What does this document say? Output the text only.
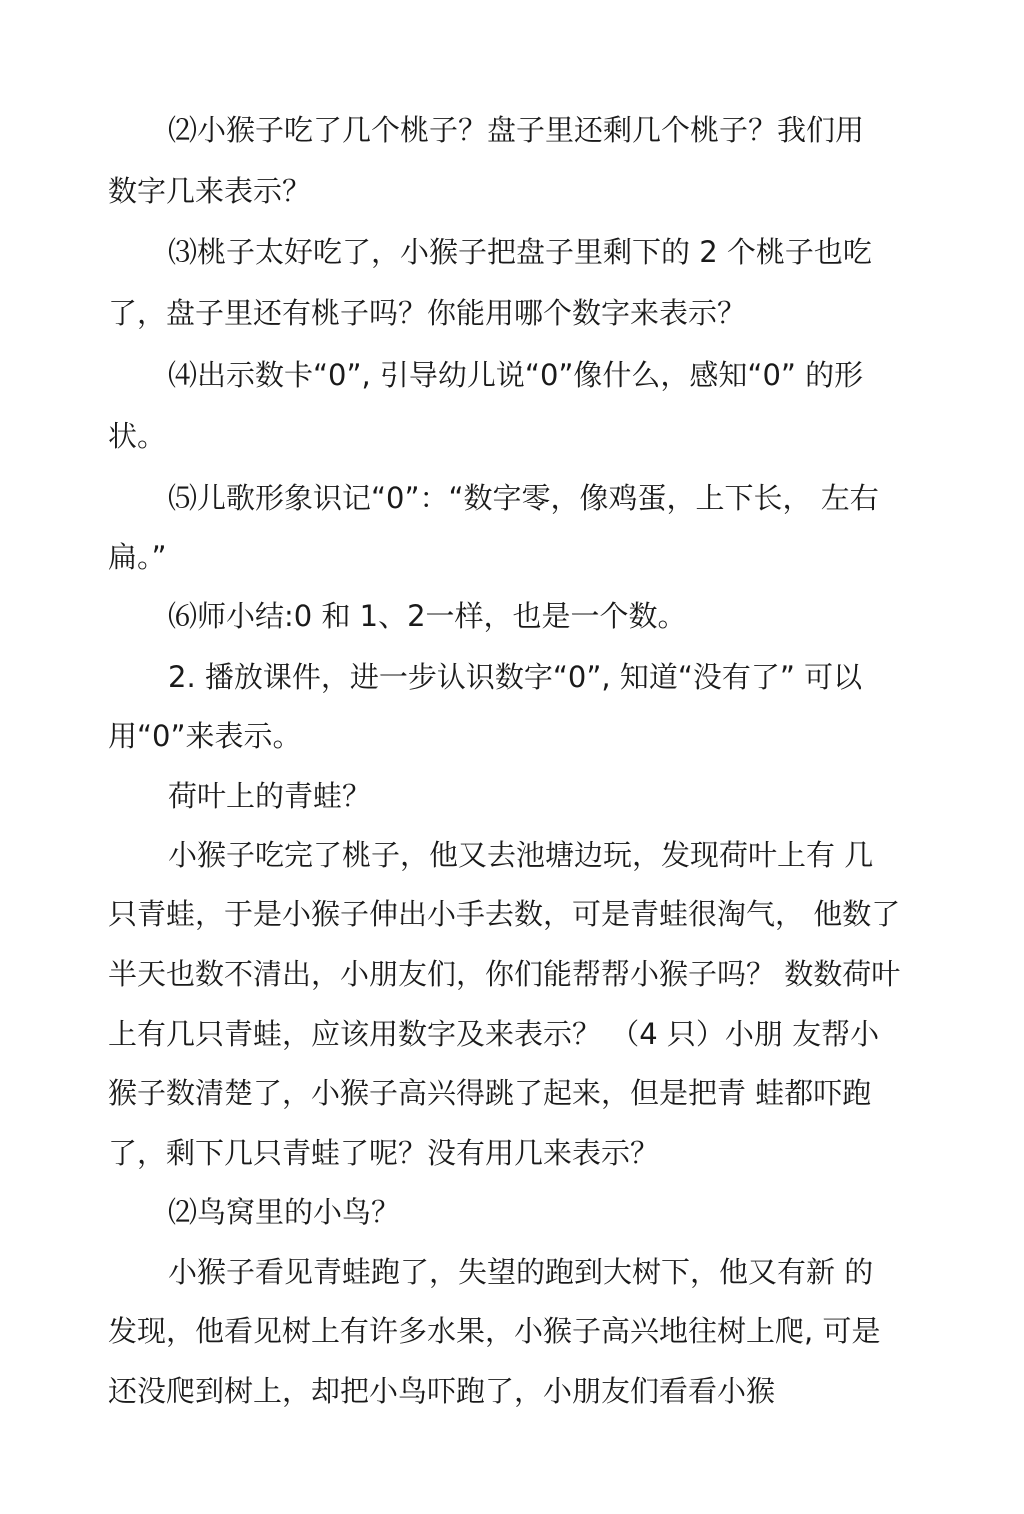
⑵小猴子吃了几个桃子？盘子里还剩几个桃子？我们用
数字几来表示？
⑶桃子太好吃了，小猴子把盘子里剩下的 2 个桃子也吃
了，盘子里还有桃子吗？你能用哪个数字来表示？
⑷出示数卡“0”, 引导幼儿说“0”像什么，感知“0” 的形
状。
⑸儿歌形象识记“0”：“数字零，像鸡蛋，上下长， 左右
扁。”
⑹师小结:0 和 1、2一样，也是一个数。
2. 播放课件，进一步认识数字“0”, 知道“没有了” 可以
用“0”来表示。
荷叶上的青蛙？
小猴子吃完了桃子，他又去池塘边玩，发现荷叶上有 几
只青蛙，于是小猴子伸出小手去数，可是青蛙很淘气， 他数了
半天也数不清出，小朋友们，你们能帮帮小猴子吗？ 数数荷叶
上有几只青蛙，应该用数字及来表示？ （4 只）小朋 友帮小
猴子数清楚了，小猴子高兴得跳了起来，但是把青 蛙都吓跑
了，剩下几只青蛙了呢？没有用几来表示？
⑵鸟窝里的小鸟？
小猴子看见青蛙跑了，失望的跑到大树下，他又有新 的
发现，他看见树上有许多水果，小猴子高兴地往树上爬, 可是
还没爬到树上，却把小鸟吓跑了，小朋友们看看小猴
